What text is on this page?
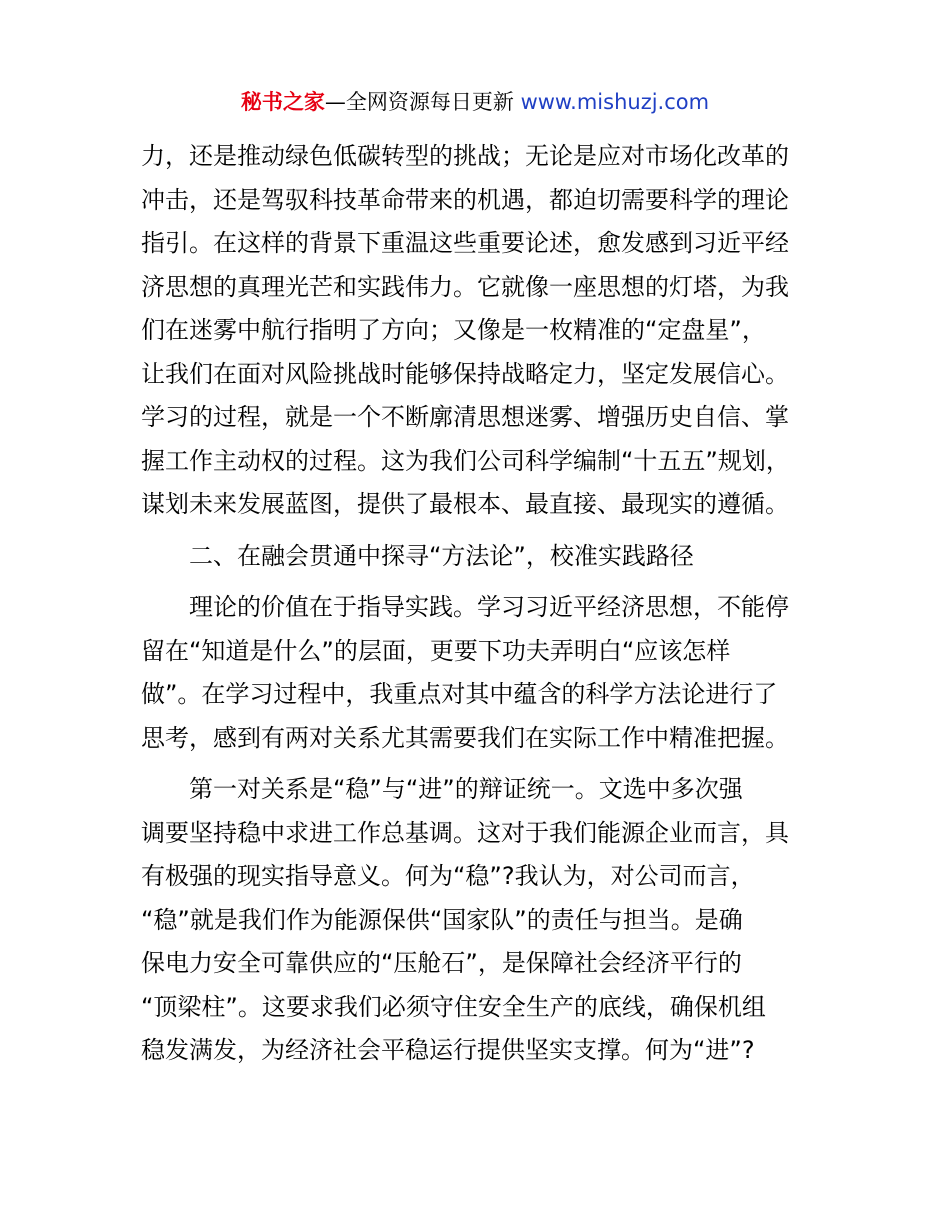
秘书之家—全网资源每日更新 www.mishuzj.com
力，还是推动绿色低碳转型的挑战；无论是应对市场化改革的
冲击，还是驾驭科技革命带来的机遇，都迫切需要科学的理论
指引。在这样的背景下重温这些重要论述，愈发感到习近平经
济思想的真理光芒和实践伟力。它就像一座思想的灯塔，为我
们在迷雾中航行指明了方向；又像是一枚精准的“定盘星”，
让我们在面对风险挑战时能够保持战略定力，坚定发展信心。
学习的过程，就是一个不断廓清思想迷雾、增强历史自信、掌
握工作主动权的过程。这为我们公司科学编制“十五五”规划，
谋划未来发展蓝图，提供了最根本、最直接、最现实的遵循。
　　二、在融会贯通中探寻“方法论”，校准实践路径
　　理论的价值在于指导实践。学习习近平经济思想，不能停
留在“知道是什么”的层面，更要下功夫弄明白“应该怎样
做”。在学习过程中，我重点对其中蕴含的科学方法论进行了
思考，感到有两对关系尤其需要我们在实际工作中精准把握。
　　第一对关系是“稳”与“进”的辩证统一。文选中多次强
调要坚持稳中求进工作总基调。这对于我们能源企业而言，具
有极强的现实指导意义。何为“稳”?我认为，对公司而言，
“稳”就是我们作为能源保供“国家队”的责任与担当。是确
保电力安全可靠供应的“压舱石”，是保障社会经济平行的
“顶梁柱”。这要求我们必须守住安全生产的底线，确保机组
稳发满发，为经济社会平稳运行提供坚实支撑。何为“进”?
